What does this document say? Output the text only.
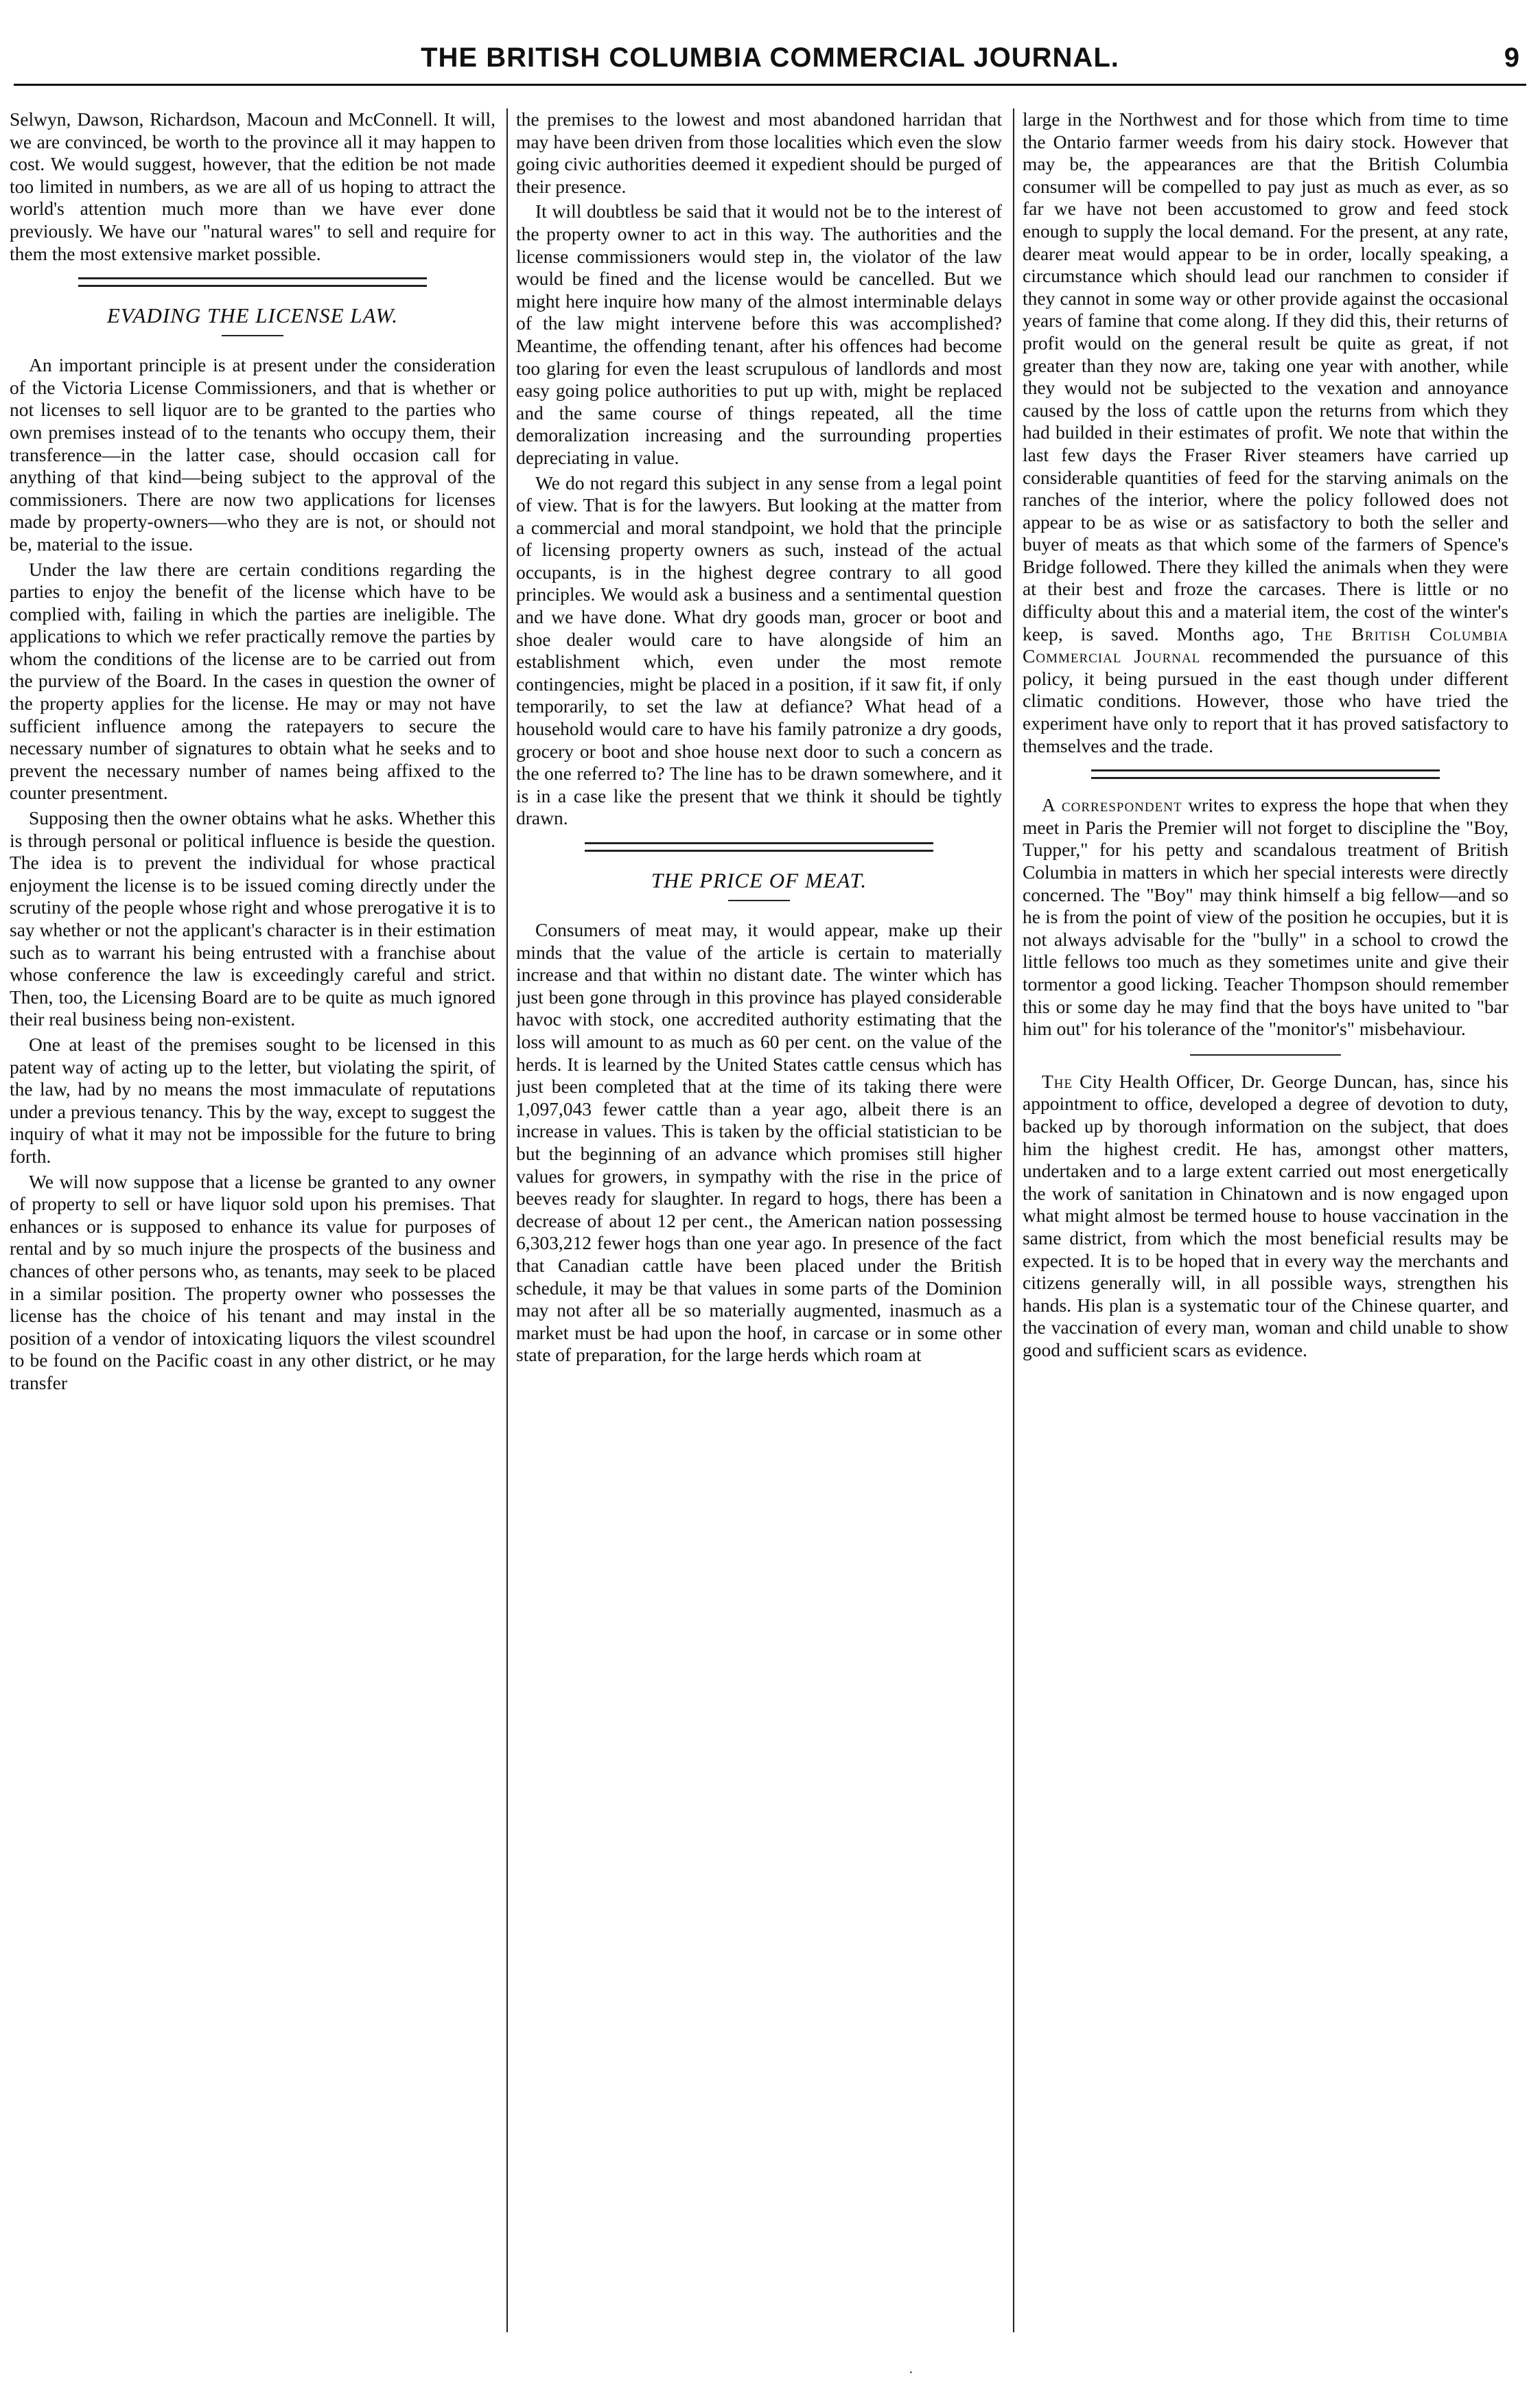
THE BRITISH COLUMBIA COMMERCIAL JOURNAL.	9

Selwyn, Dawson, Richardson, Macoun and McConnell. It will, we are convinced, be worth to the province all it may happen to cost. We would suggest, however, that the edition be not made too limited in numbers, as we are all of us hoping to attract the world's attention much more than we have ever done previously. We have our "natural wares" to sell and require for them the most extensive market possible.

EVADING THE LICENSE LAW.

An important principle is at present under the consideration of the Victoria License Commissioners, and that is whether or not licenses to sell liquor are to be granted to the parties who own premises instead of to the tenants who occupy them, their transference—in the latter case, should occasion call for anything of that kind—being subject to the approval of the commissioners. There are now two applications for licenses made by property-owners—who they are is not, or should not be, material to the issue.

Under the law there are certain conditions regarding the parties to enjoy the benefit of the license which have to be complied with, failing in which the parties are ineligible. The applications to which we refer practically remove the parties by whom the conditions of the license are to be carried out from the purview of the Board. In the cases in question the owner of the property applies for the license. He may or may not have sufficient influence among the ratepayers to secure the necessary number of signatures to obtain what he seeks and to prevent the necessary number of names being affixed to the counter presentment.

Supposing then the owner obtains what he asks. Whether this is through personal or political influence is beside the question. The idea is to prevent the individual for whose practical enjoyment the license is to be issued coming directly under the scrutiny of the people whose right and whose prerogative it is to say whether or not the applicant's character is in their estimation such as to warrant his being entrusted with a franchise about whose conference the law is exceedingly careful and strict. Then, too, the Licensing Board are to be quite as much ignored their real business being non-existent.

One at least of the premises sought to be licensed in this patent way of acting up to the letter, but violating the spirit, of the law, had by no means the most immaculate of reputations under a previous tenancy. This by the way, except to suggest the inquiry of what it may not be impossible for the future to bring forth.

We will now suppose that a license be granted to any owner of property to sell or have liquor sold upon his premises. That enhances or is supposed to enhance its value for purposes of rental and by so much injure the prospects of the business and chances of other persons who, as tenants, may seek to be placed in a similar position. The property owner who possesses the license has the choice of his tenant and may instal in the position of a vendor of intoxicating liquors the vilest scoundrel to be found on the Pacific coast in any other district, or he may transfer

the premises to the lowest and most abandoned harridan that may have been driven from those localities which even the slow going civic authorities deemed it expedient should be purged of their presence.

It will doubtless be said that it would not be to the interest of the property owner to act in this way. The authorities and the license commissioners would step in, the violator of the law would be fined and the license would be cancelled. But we might here inquire how many of the almost interminable delays of the law might intervene before this was accomplished? Meantime, the offending tenant, after his offences had become too glaring for even the least scrupulous of landlords and most easy going police authorities to put up with, might be replaced and the same course of things repeated, all the time demoralization increasing and the surrounding properties depreciating in value.

We do not regard this subject in any sense from a legal point of view. That is for the lawyers. But looking at the matter from a commercial and moral standpoint, we hold that the principle of licensing property owners as such, instead of the actual occupants, is in the highest degree contrary to all good principles. We would ask a business and a sentimental question and we have done. What dry goods man, grocer or boot and shoe dealer would care to have alongside of him an establishment which, even under the most remote contingencies, might be placed in a position, if it saw fit, if only temporarily, to set the law at defiance? What head of a household would care to have his family patronize a dry goods, grocery or boot and shoe house next door to such a concern as the one referred to? The line has to be drawn somewhere, and it is in a case like the present that we think it should be tightly drawn.

THE PRICE OF MEAT.

Consumers of meat may, it would appear, make up their minds that the value of the article is certain to materially increase and that within no distant date. The winter which has just been gone through in this province has played considerable havoc with stock, one accredited authority estimating that the loss will amount to as much as 60 per cent. on the value of the herds. It is learned by the United States cattle census which has just been completed that at the time of its taking there were 1,097,043 fewer cattle than a year ago, albeit there is an increase in values. This is taken by the official statistician to be but the beginning of an advance which promises still higher values for growers, in sympathy with the rise in the price of beeves ready for slaughter. In regard to hogs, there has been a decrease of about 12 per cent., the American nation possessing 6,303,212 fewer hogs than one year ago. In presence of the fact that Canadian cattle have been placed under the British schedule, it may be that values in some parts of the Dominion may not after all be so materially augmented, inasmuch as a market must be had upon the hoof, in carcase or in some other state of preparation, for the large herds which roam at

large in the Northwest and for those which from time to time the Ontario farmer weeds from his dairy stock. However that may be, the appearances are that the British Columbia consumer will be compelled to pay just as much as ever, as so far we have not been accustomed to grow and feed stock enough to supply the local demand. For the present, at any rate, dearer meat would appear to be in order, locally speaking, a circumstance which should lead our ranchmen to consider if they cannot in some way or other provide against the occasional years of famine that come along. If they did this, their returns of profit would on the general result be quite as great, if not greater than they now are, taking one year with another, while they would not be subjected to the vexation and annoyance caused by the loss of cattle upon the returns from which they had builded in their estimates of profit. We note that within the last few days the Fraser River steamers have carried up considerable quantities of feed for the starving animals on the ranches of the interior, where the policy followed does not appear to be as wise or as satisfactory to both the seller and buyer of meats as that which some of the farmers of Spence's Bridge followed. There they killed the animals when they were at their best and froze the carcases. There is little or no difficulty about this and a material item, the cost of the winter's keep, is saved. Months ago, The British Columbia Commercial Journal recommended the pursuance of this policy, it being pursued in the east though under different climatic conditions. However, those who have tried the experiment have only to report that it has proved satisfactory to themselves and the trade.

A correspondent writes to express the hope that when they meet in Paris the Premier will not forget to discipline the "Boy, Tupper," for his petty and scandalous treatment of British Columbia in matters in which her special interests were directly concerned. The "Boy" may think himself a big fellow—and so he is from the point of view of the position he occupies, but it is not always advisable for the "bully" in a school to crowd the little fellows too much as they sometimes unite and give their tormentor a good licking. Teacher Thompson should remember this or some day he may find that the boys have united to "bar him out" for his tolerance of the "monitor's" misbehaviour.

The City Health Officer, Dr. George Duncan, has, since his appointment to office, developed a degree of devotion to duty, backed up by thorough information on the subject, that does him the highest credit. He has, amongst other matters, undertaken and to a large extent carried out most energetically the work of sanitation in Chinatown and is now engaged upon what might almost be termed house to house vaccination in the same district, from which the most beneficial results may be expected. It is to be hoped that in every way the merchants and citizens generally will, in all possible ways, strengthen his hands. His plan is a systematic tour of the Chinese quarter, and the vaccination of every man, woman and child unable to show good and sufficient scars as evidence.

·
